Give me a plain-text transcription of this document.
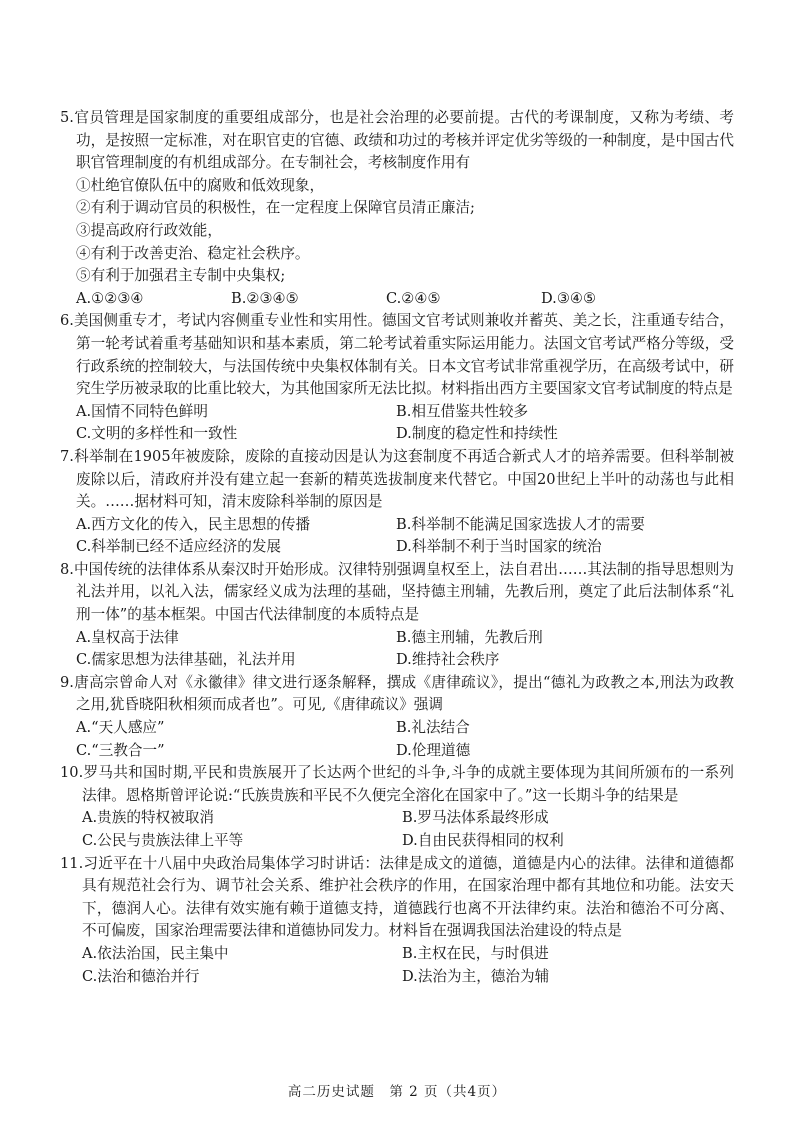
5.官员管理是国家制度的重要组成部分，也是社会治理的必要前提。古代的考课制度，又称为考绩、考功，是按照一定标准，对在职官吏的官德、政绩和功过的考核并评定优劣等级的一种制度，是中国古代职官管理制度的有机组成部分。在专制社会，考核制度作用有

①杜绝官僚队伍中的腐败和低效现象，

②有利于调动官员的积极性，在一定程度上保障官员清正廉洁;

③提高政府行政效能，

④有利于改善吏治、稳定社会秩序。

⑤有利于加强君主专制中央集权;

A.①②③④	B.②③④⑤	C.②④⑤	D.③④⑤

6.美国侧重专才，考试内容侧重专业性和实用性。德国文官考试则兼收并蓄英、美之长，注重通专结合，第一轮考试着重考基础知识和基本素质，第二轮考试着重实际运用能力。法国文官考试严格分等级，受行政系统的控制较大，与法国传统中央集权体制有关。日本文官考试非常重视学历，在高级考试中，研究生学历被录取的比重比较大，为其他国家所无法比拟。材料指出西方主要国家文官考试制度的特点是

A.国情不同特色鲜明	B.相互借鉴共性较多
C.文明的多样性和一致性	D.制度的稳定性和持续性

7.科举制在1905年被废除，废除的直接动因是认为这套制度不再适合新式人才的培养需要。但科举制被废除以后，清政府并没有建立起一套新的精英选拔制度来代替它。中国20世纪上半叶的动荡也与此相关。……据材料可知，清末废除科举制的原因是

A.西方文化的传入，民主思想的传播	B.科举制不能满足国家选拔人才的需要
C.科举制已经不适应经济的发展	D.科举制不利于当时国家的统治

8.中国传统的法律体系从秦汉时开始形成。汉律特别强调皇权至上，法自君出……其法制的指导思想则为礼法并用，以礼入法，儒家经义成为法理的基础，坚持德主刑辅，先教后刑，奠定了此后法制体系“礼刑一体”的基本框架。中国古代法律制度的本质特点是

A.皇权高于法律	B.德主刑辅，先教后刑
C.儒家思想为法律基础，礼法并用	D.维持社会秩序

9.唐高宗曾命人对《永徽律》律文进行逐条解释，撰成《唐律疏议》，提出“德礼为政教之本,刑法为政教之用,犹昏晓阳秋相须而成者也”。可见,《唐律疏议》强调

A.“天人感应”	B.礼法结合
C.“三教合一”	D.伦理道德

10.罗马共和国时期,平民和贵族展开了长达两个世纪的斗争,斗争的成就主要体现为其间所颁布的一系列法律。恩格斯曾评论说:“氏族贵族和平民不久便完全溶化在国家中了。”这一长期斗争的结果是

A.贵族的特权被取消	B.罗马法体系最终形成
C.公民与贵族法律上平等	D.自由民获得相同的权利

11.习近平在十八届中央政治局集体学习时讲话：法律是成文的道德，道德是内心的法律。法律和道德都具有规范社会行为、调节社会关系、维护社会秩序的作用，在国家治理中都有其地位和功能。法安天下，德润人心。法律有效实施有赖于道德支持，道德践行也离不开法律约束。法治和德治不可分离、不可偏废，国家治理需要法律和道德协同发力。材料旨在强调我国法治建设的特点是

A.依法治国，民主集中	B.主权在民，与时俱进
C.法治和德治并行	D.法治为主，德治为辅
高二历史试题　第 2 页（共4页）
